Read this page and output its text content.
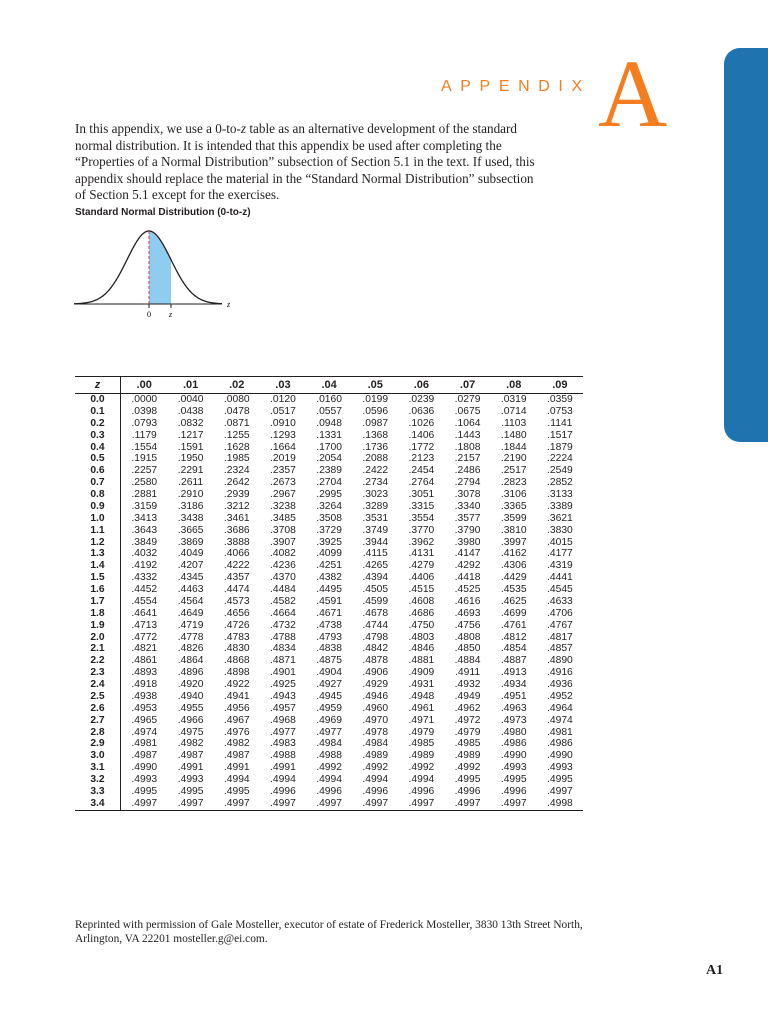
APPENDIX A

In this appendix, we use a 0-to-z table as an alternative development of the standard normal distribution. It is intended that this appendix be used after completing the “Properties of a Normal Distribution” subsection of Section 5.1 in the text. If used, this appendix should replace the material in the “Standard Normal Distribution” subsection of Section 5.1 except for the exercises.

Standard Normal Distribution (0-to-z)
0 z
z
z	.00	.01	.02	.03	.04	.05	.06	.07	.08	.09
0.0	.0000	.0040	.0080	.0120	.0160	.0199	.0239	.0279	.0319	.0359
0.1	.0398	.0438	.0478	.0517	.0557	.0596	.0636	.0675	.0714	.0753
0.2	.0793	.0832	.0871	.0910	.0948	.0987	.1026	.1064	.1103	.1141
0.3	.1179	.1217	.1255	.1293	.1331	.1368	.1406	.1443	.1480	.1517
0.4	.1554	.1591	.1628	.1664	.1700	.1736	.1772	.1808	.1844	.1879
0.5	.1915	.1950	.1985	.2019	.2054	.2088	.2123	.2157	.2190	.2224
0.6	.2257	.2291	.2324	.2357	.2389	.2422	.2454	.2486	.2517	.2549
0.7	.2580	.2611	.2642	.2673	.2704	.2734	.2764	.2794	.2823	.2852
0.8	.2881	.2910	.2939	.2967	.2995	.3023	.3051	.3078	.3106	.3133
0.9	.3159	.3186	.3212	.3238	.3264	.3289	.3315	.3340	.3365	.3389
1.0	.3413	.3438	.3461	.3485	.3508	.3531	.3554	.3577	.3599	.3621
1.1	.3643	.3665	.3686	.3708	.3729	.3749	.3770	.3790	.3810	.3830
1.2	.3849	.3869	.3888	.3907	.3925	.3944	.3962	.3980	.3997	.4015
1.3	.4032	.4049	.4066	.4082	.4099	.4115	.4131	.4147	.4162	.4177
1.4	.4192	.4207	.4222	.4236	.4251	.4265	.4279	.4292	.4306	.4319
1.5	.4332	.4345	.4357	.4370	.4382	.4394	.4406	.4418	.4429	.4441
1.6	.4452	.4463	.4474	.4484	.4495	.4505	.4515	.4525	.4535	.4545
1.7	.4554	.4564	.4573	.4582	.4591	.4599	.4608	.4616	.4625	.4633
1.8	.4641	.4649	.4656	.4664	.4671	.4678	.4686	.4693	.4699	.4706
1.9	.4713	.4719	.4726	.4732	.4738	.4744	.4750	.4756	.4761	.4767
2.0	.4772	.4778	.4783	.4788	.4793	.4798	.4803	.4808	.4812	.4817
2.1	.4821	.4826	.4830	.4834	.4838	.4842	.4846	.4850	.4854	.4857
2.2	.4861	.4864	.4868	.4871	.4875	.4878	.4881	.4884	.4887	.4890
2.3	.4893	.4896	.4898	.4901	.4904	.4906	.4909	.4911	.4913	.4916
2.4	.4918	.4920	.4922	.4925	.4927	.4929	.4931	.4932	.4934	.4936
2.5	.4938	.4940	.4941	.4943	.4945	.4946	.4948	.4949	.4951	.4952
2.6	.4953	.4955	.4956	.4957	.4959	.4960	.4961	.4962	.4963	.4964
2.7	.4965	.4966	.4967	.4968	.4969	.4970	.4971	.4972	.4973	.4974
2.8	.4974	.4975	.4976	.4977	.4977	.4978	.4979	.4979	.4980	.4981
2.9	.4981	.4982	.4982	.4983	.4984	.4984	.4985	.4985	.4986	.4986
3.0	.4987	.4987	.4987	.4988	.4988	.4989	.4989	.4989	.4990	.4990
3.1	.4990	.4991	.4991	.4991	.4992	.4992	.4992	.4992	.4993	.4993
3.2	.4993	.4993	.4994	.4994	.4994	.4994	.4994	.4995	.4995	.4995
3.3	.4995	.4995	.4995	.4996	.4996	.4996	.4996	.4996	.4996	.4997
3.4	.4997	.4997	.4997	.4997	.4997	.4997	.4997	.4997	.4997	.4998

Reprinted with permission of Gale Mosteller, executor of estate of Frederick Mosteller, 3830 13th Street North, Arlington, VA 22201 mosteller.g@ei.com.

A1
